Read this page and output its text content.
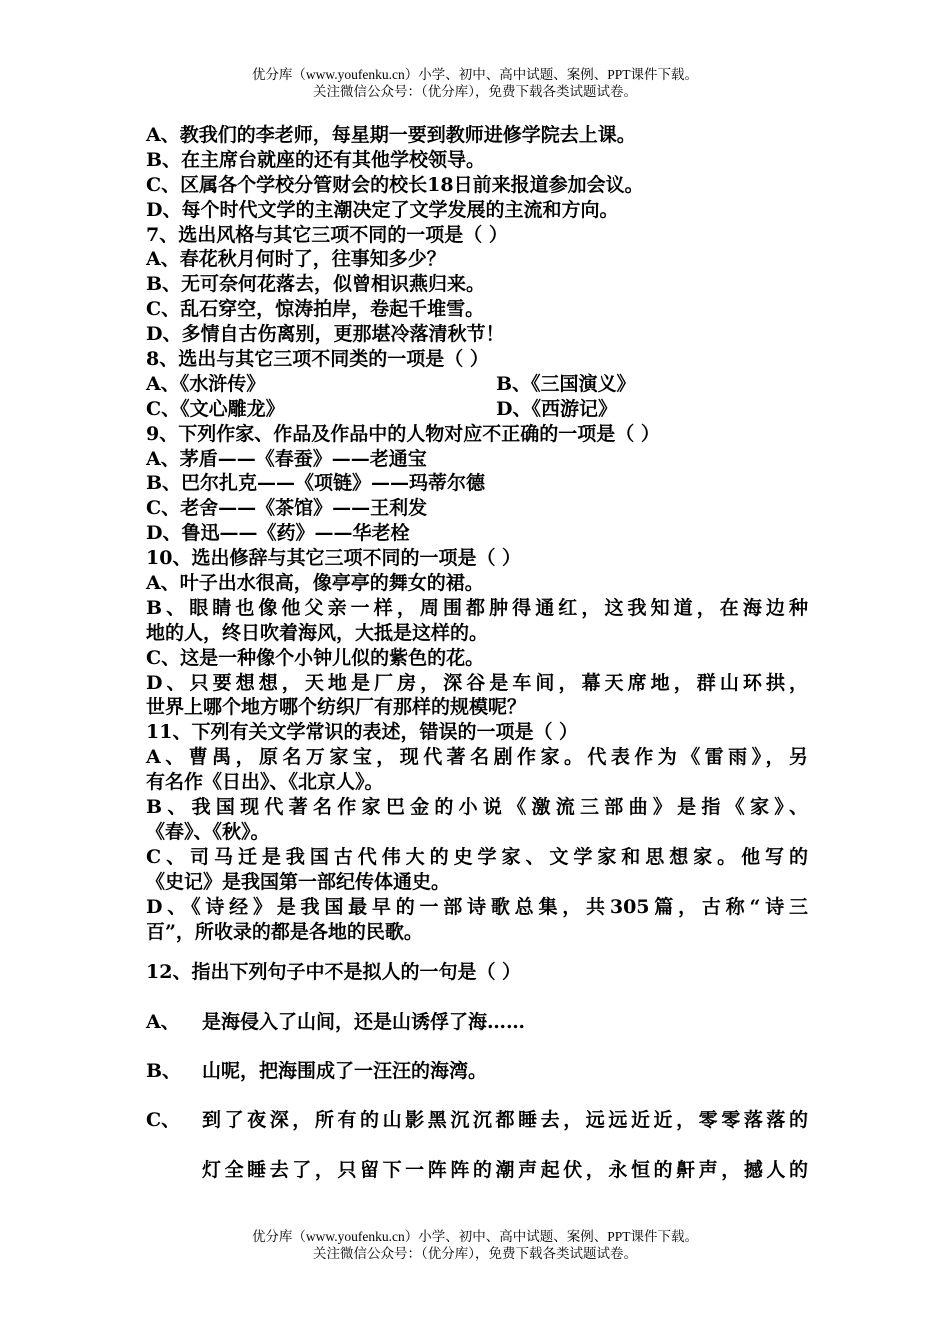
优分库（www.youfenku.cn）小学、初中、高中试题、案例、PPT课件下载。
关注微信公众号：（优分库），免费下载各类试题试卷。
A、教我们的李老师，每星期一要到教师进修学院去上课。
B、在主席台就座的还有其他学校领导。
C、区属各个学校分管财会的校长18日前来报道参加会议。
D、每个时代文学的主潮决定了文学发展的主流和方向。
7、选出风格与其它三项不同的一项是（ ）
A、春花秋月何时了，往事知多少？
B、无可奈何花落去，似曾相识燕归来。
C、乱石穿空，惊涛拍岸，卷起千堆雪。
D、多情自古伤离别，更那堪冷落清秋节！
8、选出与其它三项不同类的一项是（ ）
A、《水浒传》	B、《三国演义》
C、《文心雕龙》	D、《西游记》
9、下列作家、作品及作品中的人物对应不正确的一项是（ ）
A、茅盾——《春蚕》——老通宝
B、巴尔扎克——《项链》——玛蒂尔德
C、老舍——《茶馆》——王利发
D、鲁迅——《药》——华老栓
10、选出修辞与其它三项不同的一项是（ ）
A、叶子出水很高，像亭亭的舞女的裙。
B、眼睛也像他父亲一样，周围都肿得通红，这我知道，在海边种
地的人，终日吹着海风，大抵是这样的。
C、这是一种像个小钟儿似的紫色的花。
D、只要想想，天地是厂房，深谷是车间，幕天席地，群山环拱，
世界上哪个地方哪个纺织厂有那样的规模呢？
11、下列有关文学常识的表述，错误的一项是（ ）
A、曹禺，原名万家宝，现代著名剧作家。代表作为《雷雨》，另
有名作《日出》、《北京人》。
B、我国现代著名作家巴金的小说《激流三部曲》是指《家》、
《春》、《秋》。
C、司马迁是我国古代伟大的史学家、文学家和思想家。他写的
《史记》是我国第一部纪传体通史。
D、《诗经》是我国最早的一部诗歌总集，共305篇，古称“诗三
百”，所收录的都是各地的民歌。
12、指出下列句子中不是拟人的一句是（ ）
A、 是海侵入了山间，还是山诱俘了海……
B、 山呢，把海围成了一汪汪的海湾。
C、 到了夜深，所有的山影黑沉沉都睡去，远远近近，零零落落的
灯全睡去了，只留下一阵阵的潮声起伏，永恒的鼾声，撼人的
优分库（www.youfenku.cn）小学、初中、高中试题、案例、PPT课件下载。
关注微信公众号：（优分库），免费下载各类试题试卷。
